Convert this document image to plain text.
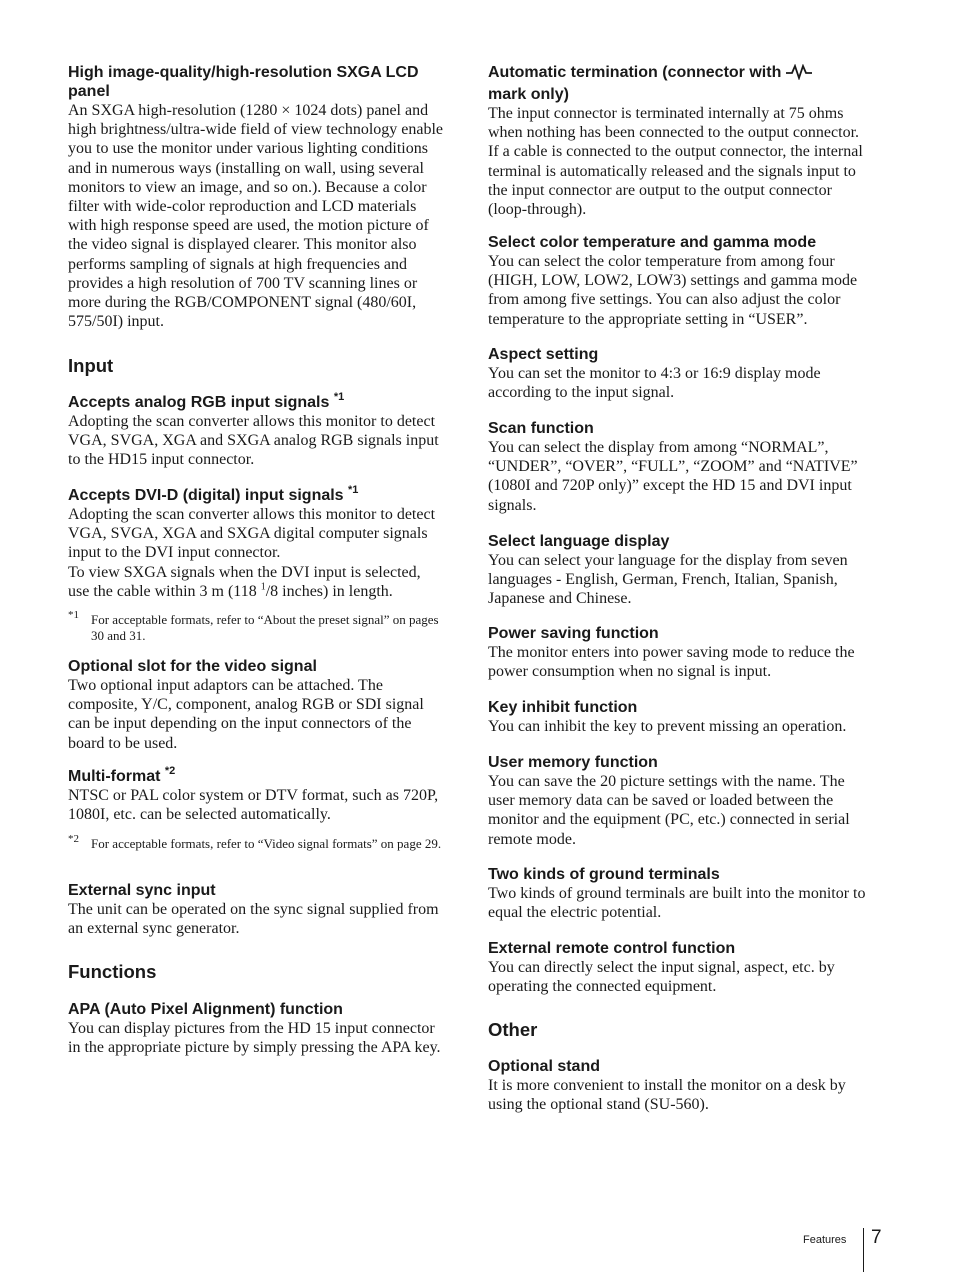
High image-quality/high-resolution SXGA LCD panel

An SXGA high-resolution (1280 × 1024 dots) panel and high brightness/ultra-wide field of view technology enable you to use the monitor under various lighting conditions and in numerous ways (installing on wall, using several monitors to view an image, and so on.). Because a color filter with wide-color reproduction and LCD materials with high response speed are used, the motion picture of the video signal is displayed clearer. This monitor also performs sampling of signals at high frequencies and provides a high resolution of 700 TV scanning lines or more during the RGB/COMPONENT signal (480/60I, 575/50I) input.

Input

Accepts analog RGB input signals $^{*1}$

Adopting the scan converter allows this monitor to detect VGA, SVGA, XGA and SXGA analog RGB signals input to the HD15 input connector.

Accepts DVI-D (digital) input signals $^{*1}$

Adopting the scan converter allows this monitor to detect VGA, SVGA, XGA and SXGA digital computer signals input to the DVI input connector.

To view SXGA signals when the DVI input is selected, use the cable within 3 m (118 $^1$/8 inches) in length.

*1 For acceptable formats, refer to “About the preset signal” on pages 30 and 31.

Optional slot for the video signal

Two optional input adaptors can be attached. The composite, Y/C, component, analog RGB or SDI signal can be input depending on the input connectors of the board to be used.

Multi-format $^{*2}$

NTSC or PAL color system or DTV format, such as 720P, 1080I, etc. can be selected automatically.

*2 For acceptable formats, refer to “Video signal formats” on page 29.

External sync input

The unit can be operated on the sync signal supplied from an external sync generator.

Functions

APA (Auto Pixel Alignment) function

You can display pictures from the HD 15 input connector in the appropriate picture by simply pressing the APA key.

Automatic termination (connector with
mark only)

The input connector is terminated internally at 75 ohms when nothing has been connected to the output connector. If a cable is connected to the output connector, the internal terminal is automatically released and the signals input to the input connector are output to the output connector (loop-through).

Select color temperature and gamma mode

You can select the color temperature from among four (HIGH, LOW, LOW2, LOW3) settings and gamma mode from among five settings. You can also adjust the color temperature to the appropriate setting in “USER”.

Aspect setting

You can set the monitor to 4:3 or 16:9 display mode according to the input signal.

Scan function

You can select the display from among “NORMAL”, “UNDER”, “OVER”, “FULL”, “ZOOM” and “NATIVE” (1080I and 720P only)” except the HD 15 and DVI input signals.

Select language display

You can select your language for the display from seven languages - English, German, French, Italian, Spanish, Japanese and Chinese.

Power saving function

The monitor enters into power saving mode to reduce the power consumption when no signal is input.

Key inhibit function

You can inhibit the key to prevent missing an operation.

User memory function

You can save the 20 picture settings with the name. The user memory data can be saved or loaded between the monitor and the equipment (PC, etc.) connected in serial remote mode.

Two kinds of ground terminals

Two kinds of ground terminals are built into the monitor to equal the electric potential.

External remote control function

You can directly select the input signal, aspect, etc. by operating the connected equipment.

Other

Optional stand

It is more convenient to install the monitor on a desk by using the optional stand (SU-560).

Features 7
